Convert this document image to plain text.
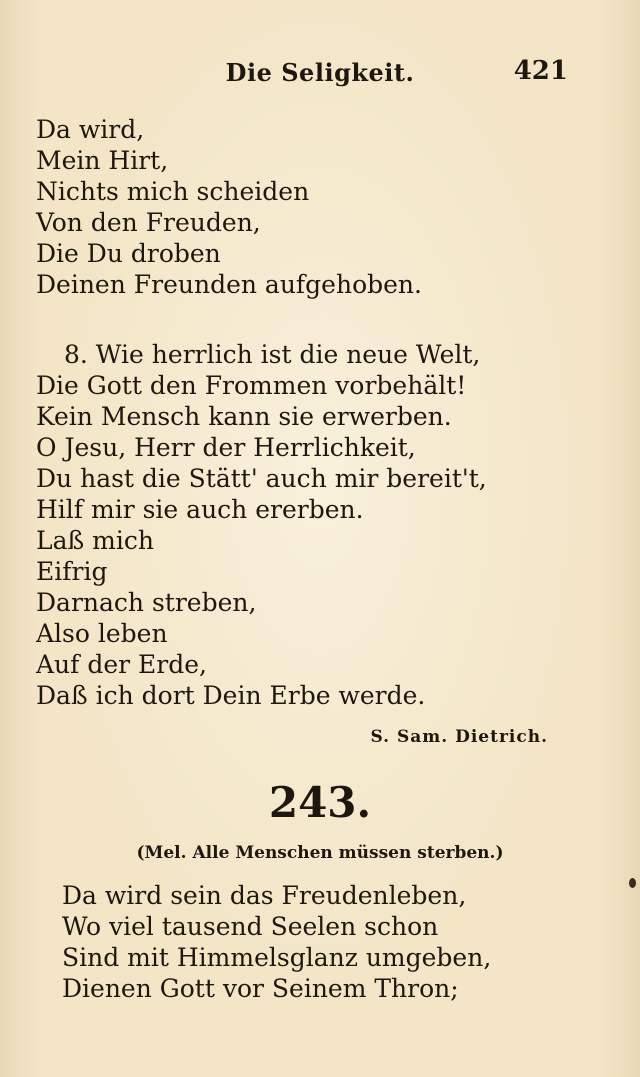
Die Seligkeit.	421
Da wird,
Mein Hirt,
Nichts mich scheiden
Von den Freuden,
Die Du droben
Deinen Freunden aufgehoben.
8. Wie herrlich ist die neue Welt,
Die Gott den Frommen vorbehält!
Kein Mensch kann sie erwerben.
O Jesu, Herr der Herrlichkeit,
Du hast die Stätt' auch mir bereit't,
Hilf mir sie auch ererben.
Laß mich
Eifrig
Darnach streben,
Also leben
Auf der Erde,
Daß ich dort Dein Erbe werde.
S. Sam. Dietrich.
243.
(Mel. Alle Menschen müssen sterben.)
Da wird sein das Freudenleben,
Wo viel tausend Seelen schon
Sind mit Himmelsglanz umgeben,
Dienen Gott vor Seinem Thron;
